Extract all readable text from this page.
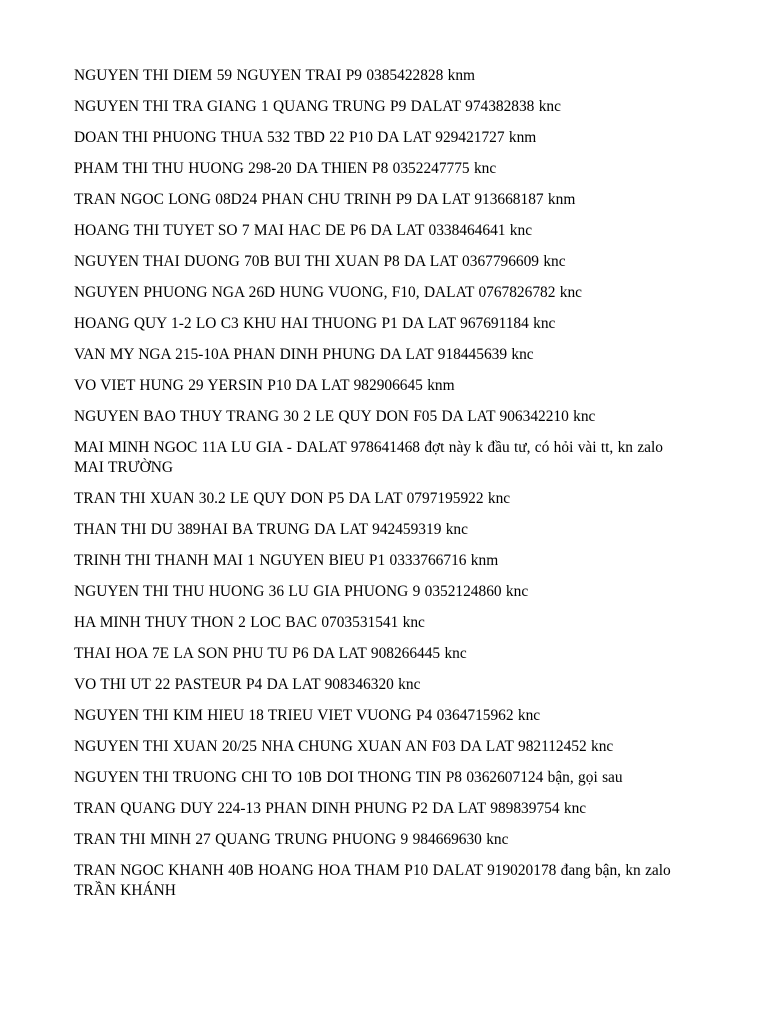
NGUYEN THI DIEM 59 NGUYEN TRAI P9 0385422828 knm
NGUYEN THI TRA GIANG 1 QUANG TRUNG P9 DALAT 974382838 knc
DOAN THI PHUONG THUA 532 TBD 22 P10 DA LAT 929421727 knm
PHAM THI THU HUONG 298-20 DA THIEN P8 0352247775 knc
TRAN NGOC LONG 08D24 PHAN CHU TRINH P9 DA LAT 913668187 knm
HOANG THI TUYET SO 7 MAI HAC DE P6 DA LAT 0338464641 knc
NGUYEN THAI DUONG 70B BUI THI XUAN P8 DA LAT 0367796609 knc
NGUYEN PHUONG NGA 26D HUNG VUONG, F10, DALAT 0767826782 knc
HOANG QUY 1-2 LO C3 KHU HAI THUONG P1 DA LAT 967691184 knc
VAN MY NGA 215-10A PHAN DINH PHUNG DA LAT 918445639 knc
VO VIET HUNG 29 YERSIN P10 DA LAT 982906645 knm
NGUYEN BAO THUY TRANG 30 2 LE QUY DON F05 DA LAT 906342210 knc
MAI MINH NGOC 11A LU GIA - DALAT 978641468 đợt này k đầu tư, có hỏi vài tt, kn zalo MAI TRƯỜNG
TRAN THI XUAN 30.2 LE QUY DON P5 DA LAT 0797195922 knc
THAN THI DU 389HAI BA TRUNG DA LAT 942459319 knc
TRINH THI THANH MAI 1 NGUYEN BIEU P1 0333766716 knm
NGUYEN THI THU HUONG 36 LU GIA PHUONG 9 0352124860 knc
HA MINH THUY THON 2 LOC BAC 0703531541 knc
THAI HOA 7E LA SON PHU TU P6 DA LAT 908266445 knc
VO THI UT 22 PASTEUR P4 DA LAT 908346320 knc
NGUYEN THI KIM HIEU 18 TRIEU VIET VUONG P4 0364715962 knc
NGUYEN THI XUAN 20/25 NHA CHUNG XUAN AN F03 DA LAT 982112452 knc
NGUYEN THI TRUONG CHI TO 10B DOI THONG TIN P8 0362607124 bận, gọi sau
TRAN QUANG DUY 224-13 PHAN DINH PHUNG P2 DA LAT 989839754 knc
TRAN THI MINH 27 QUANG TRUNG PHUONG 9 984669630 knc
TRAN NGOC KHANH 40B HOANG HOA THAM P10 DALAT 919020178 đang bận, kn zalo TRẦN KHÁNH
